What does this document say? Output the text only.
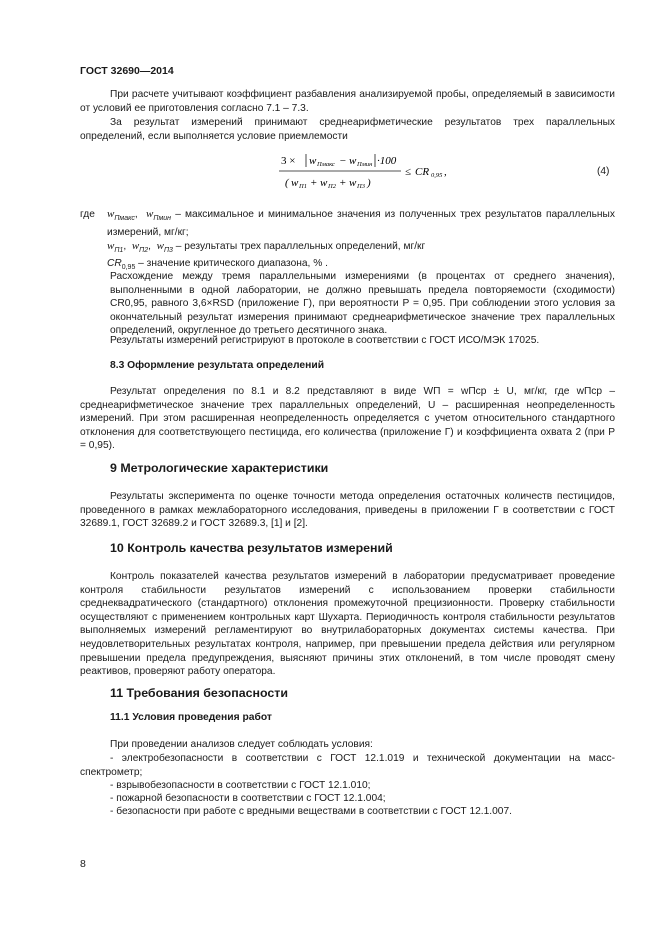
ГОСТ 32690—2014

При расчете учитывают коэффициент разбавления анализируемой пробы, определяемый в зависимости от условий ее приготовления согласно 7.1 – 7.3.

За результат измерений принимают среднеарифметические результатов трех параллельных определений, если выполняется условие приемлемости

3 × w Пмакс − w Пмин ·100
( w П1 + w П2 + w П3 )
≤ CR 0,95 ,	(4)
где $w_{Пмакс}$,  $w_{Пмин}$ – максимальное и минимальное значения из полученных трех результатов параллельных измерений, мг/кг;
$w_{П1}$,  $w_{П2}$,  $w_{П3}$ – результаты трех параллельных определений, мг/кг
$CR_{0,95}$ – значение критического диапазона, % .

Расхождение между тремя параллельными измерениями (в процентах от среднего значения), выполненными в одной лаборатории, не должно превышать предела повторяемости (сходимости) CR0,95, равного 3,6×RSD (приложение Г), при вероятности P = 0,95. При соблюдении этого условия за окончательный результат измерения принимают среднеарифметическое значение трех параллельных определений, округленное до третьего десятичного знака.

Результаты измерений регистрируют в протоколе в соответствии с ГОСТ ИСО/МЭК 17025.

8.3 Оформление результата определений

Результат определения по 8.1 и 8.2 представляют в виде WП = wПср ± U, мг/кг, где wПср – среднеарифметическое значение трех параллельных определений, U – расширенная неопределенность измерений. При этом расширенная неопределенность определяется с учетом относительного стандартного отклонения для соответствующего пестицида, его количества (приложение Г) и коэффициента охвата 2 (при P = 0,95).

9 Метрологические характеристики

Результаты эксперимента по оценке точности метода определения остаточных количеств пестицидов, проведенного в рамках межлабораторного исследования, приведены в приложении Г в соответствии с ГОСТ 32689.1, ГОСТ 32689.2 и ГОСТ 32689.3, [1] и [2].

10 Контроль качества результатов измерений

Контроль показателей качества результатов измерений в лаборатории предусматривает проведение контроля стабильности результатов измерений с использованием проверки стабильности среднеквадратического (стандартного) отклонения промежуточной прецизионности. Проверку стабильности осуществляют с применением контрольных карт Шухарта. Периодичность контроля стабильности результатов выполняемых измерений регламентируют во внутрилабораторных документах системы качества. При неудовлетворительных результатах контроля, например, при превышении предела действия или регулярном превышении предела предупреждения, выясняют причины этих отклонений, в том числе проводят смену реактивов, проверяют работу оператора.

11 Требования безопасности
11.1 Условия проведения работ

При проведении анализов следует соблюдать условия:

- электробезопасности в соответствии с ГОСТ 12.1.019 и технической документации на масс-спектрометр;

- взрывобезопасности в соответствии с ГОСТ 12.1.010;

- пожарной безопасности в соответствии с ГОСТ 12.1.004;

- безопасности при работе с вредными веществами в соответствии с ГОСТ 12.1.007.

8
